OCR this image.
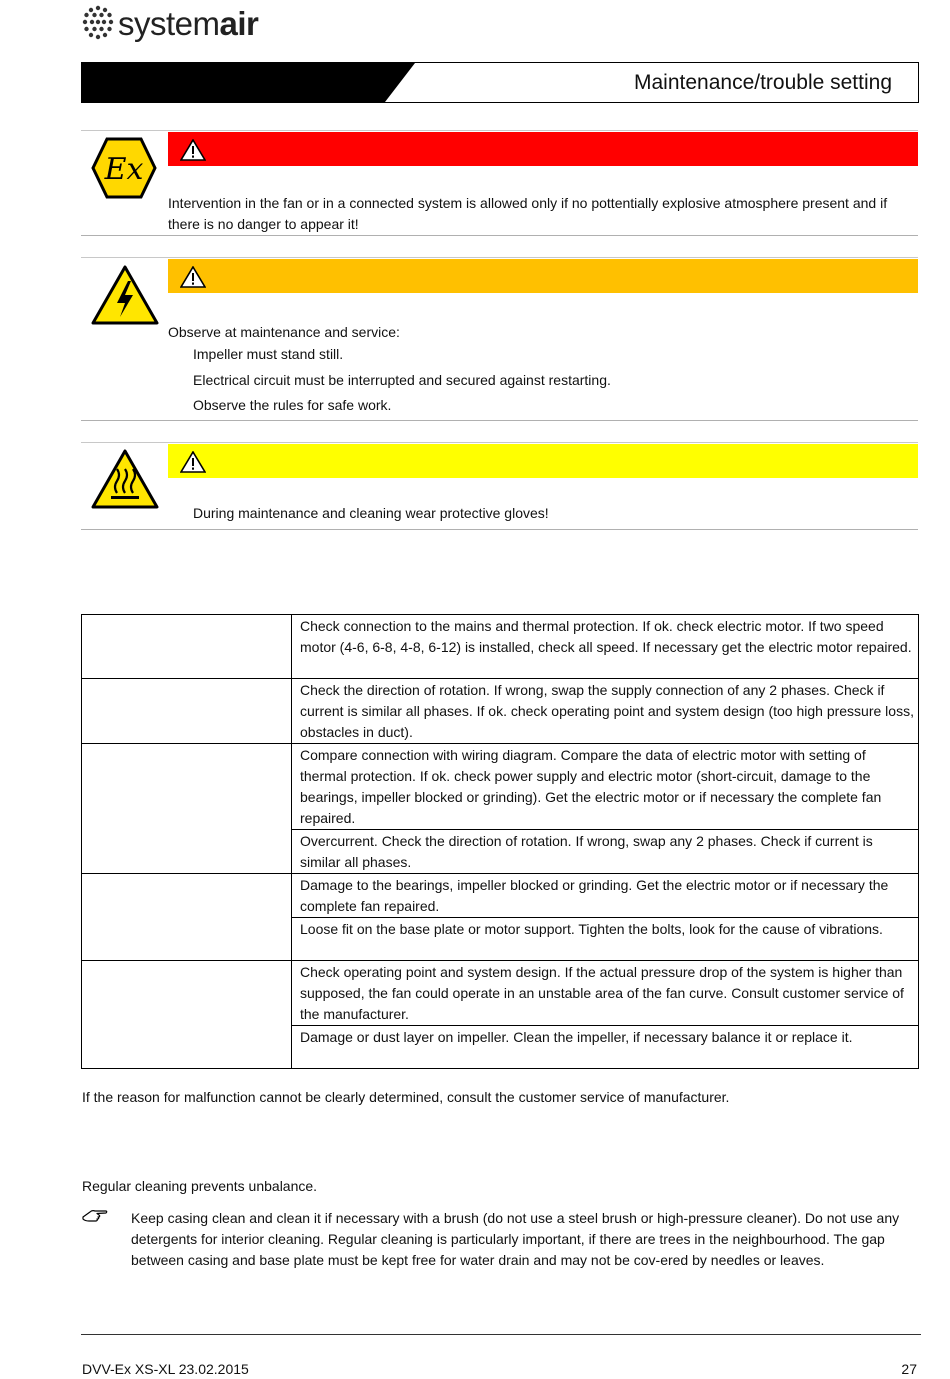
systemair
Maintenance/trouble setting
Ex
Intervention in the fan or in a connected system is allowed only if no pottentially explosive atmosphere present and if there is no danger to appear it!
Observe at maintenance and service:
Impeller must stand still.
Electrical circuit must be interrupted and secured against restarting.
Observe the rules for safe work.
During maintenance and cleaning wear protective gloves!
	Check connection to the mains and thermal protection. If ok. check electric motor. If two speed motor (4-6, 6-8, 4-8, 6-12) is installed, check all speed. If necessary get the electric motor repaired.
	Check the direction of rotation. If wrong, swap the supply connection of any 2 phases. Check if current is similar all phases. If ok. check operating point and system design (too high pressure loss, obstacles in duct).
	Compare connection with wiring diagram. Compare the data of electric motor with setting of thermal protection. If ok. check power supply and electric motor (short-circuit, damage to the bearings, impeller blocked or grinding). Get the electric motor or if necessary the complete fan repaired.
	Overcurrent. Check the direction of rotation. If wrong, swap any 2 phases. Check if current is similar all phases.
	Damage to the bearings, impeller blocked or grinding. Get the electric motor or if necessary the complete fan repaired.
	Loose fit on the base plate or motor support. Tighten the bolts, look for the cause of vibrations.
	Check operating point and system design. If the actual pressure drop of the system is higher than supposed, the fan could operate in an unstable area of the fan curve. Consult customer service of the manufacturer.
	Damage or dust layer on impeller. Clean the impeller, if necessary balance it or replace it.
If the reason for malfunction cannot be clearly determined, consult the customer service of manufacturer.
Regular cleaning prevents unbalance.
Keep casing clean and clean it if necessary with a brush (do not use a steel brush or high-pressure cleaner). Do not use any detergents for interior cleaning. Regular cleaning is particularly important, if there are trees in the neighbourhood. The gap between casing and base plate must be kept free for water drain and may not be cov-ered by needles or leaves.
DVV-Ex XS-XL 23.02.2015	27
